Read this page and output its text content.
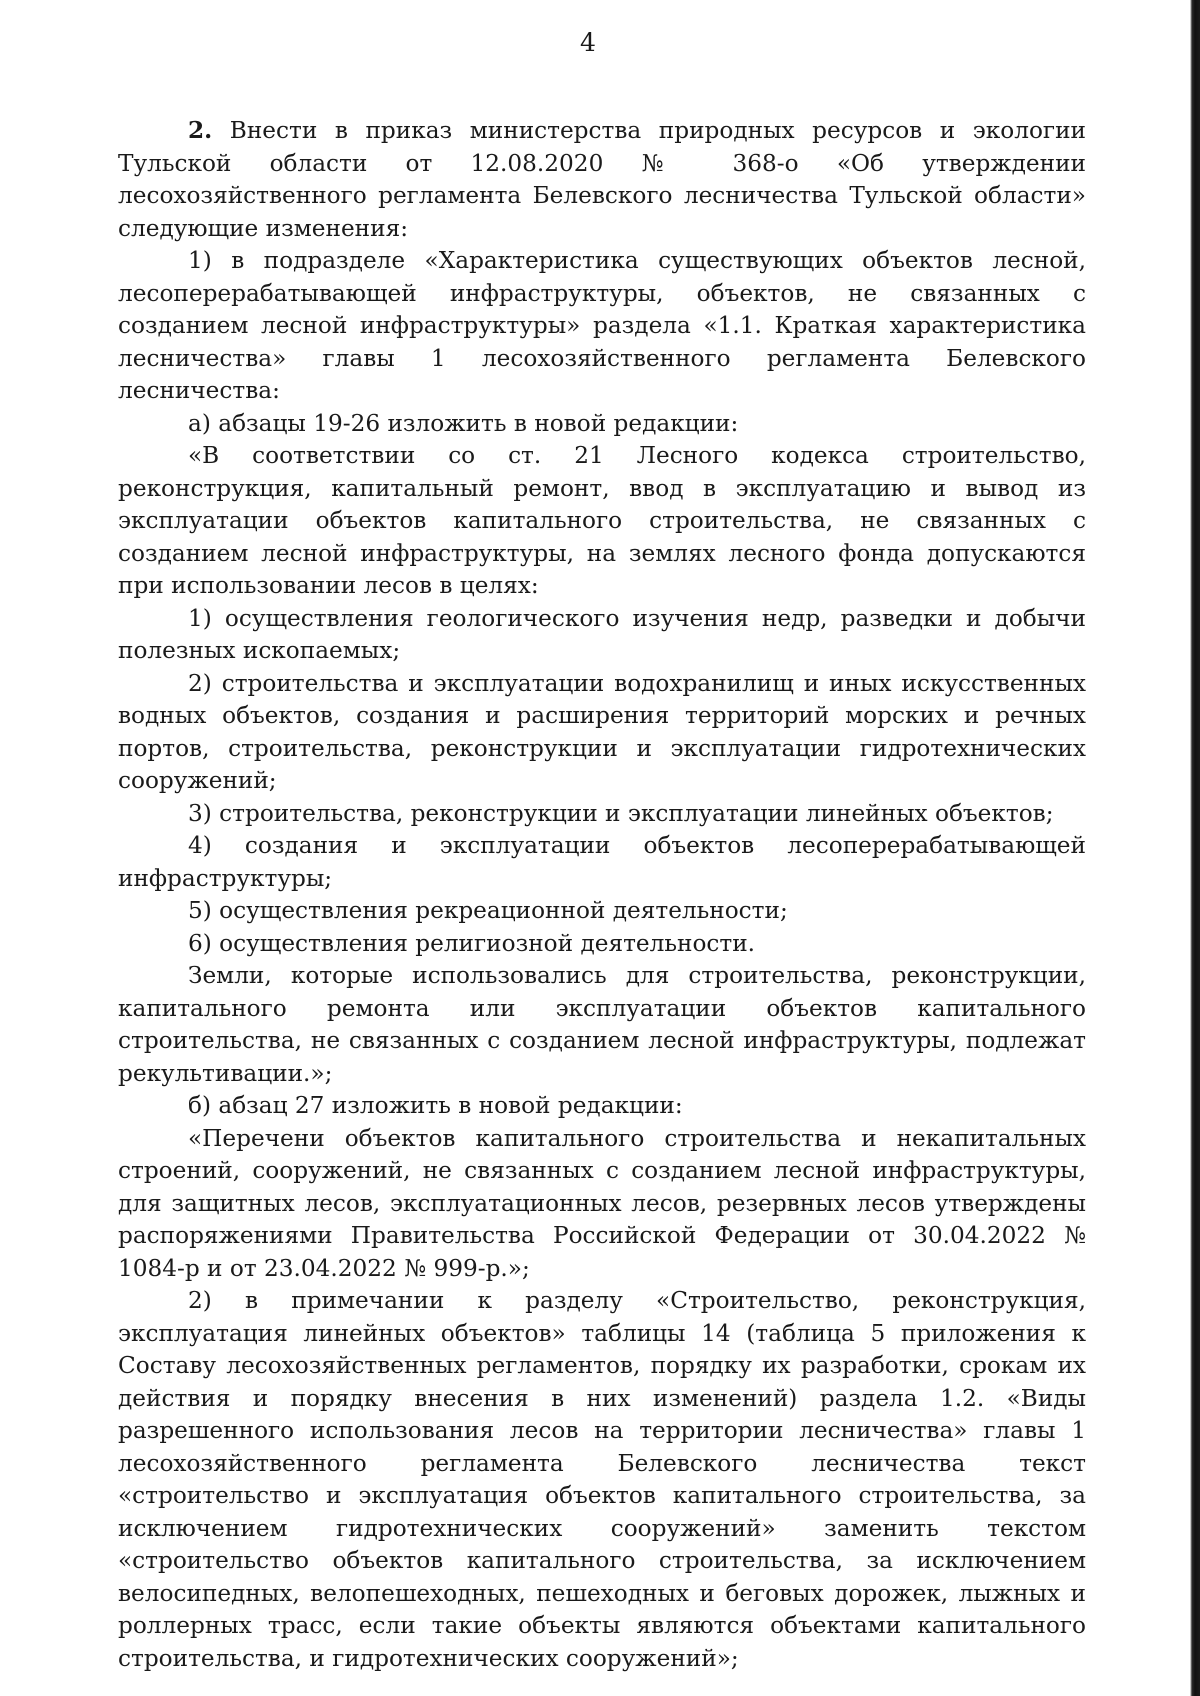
4

2. Внести в приказ министерства природных ресурсов и экологии Тульской области от 12.08.2020 № 368-о «Об утверждении лесохозяйственного регламента Белевского лесничества Тульской области» следующие изменения:

1) в подразделе «Характеристика существующих объектов лесной, лесоперерабатывающей инфраструктуры, объектов, не связанных с созданием лесной инфраструктуры» раздела «1.1. Краткая характеристика лесничества» главы 1 лесохозяйственного регламента Белевского лесничества:

а) абзацы 19-26 изложить в новой редакции:

«В соответствии со ст. 21 Лесного кодекса строительство, реконструкция, капитальный ремонт, ввод в эксплуатацию и вывод из эксплуатации объектов капитального строительства, не связанных с созданием лесной инфраструктуры, на землях лесного фонда допускаются при использовании лесов в целях:

1) осуществления геологического изучения недр, разведки и добычи полезных ископаемых;

2) строительства и эксплуатации водохранилищ и иных искусственных водных объектов, создания и расширения территорий морских и речных портов, строительства, реконструкции и эксплуатации гидротехнических сооружений;

3) строительства, реконструкции и эксплуатации линейных объектов;

4) создания и эксплуатации объектов лесоперерабатывающей инфраструктуры;

5) осуществления рекреационной деятельности;

6) осуществления религиозной деятельности.

Земли, которые использовались для строительства, реконструкции, капитального ремонта или эксплуатации объектов капитального строительства, не связанных с созданием лесной инфраструктуры, подлежат рекультивации.»;

б) абзац 27 изложить в новой редакции:

«Перечени объектов капитального строительства и некапитальных строений, сооружений, не связанных с созданием лесной инфраструктуры, для защитных лесов, эксплуатационных лесов, резервных лесов утверждены распоряжениями Правительства Российской Федерации от 30.04.2022 № 1084-р и от 23.04.2022 № 999-р.»;

2) в примечании к разделу «Строительство, реконструкция, эксплуатация линейных объектов» таблицы 14 (таблица 5 приложения к Составу лесохозяйственных регламентов, порядку их разработки, срокам их действия и порядку внесения в них изменений) раздела 1.2. «Виды разрешенного использования лесов на территории лесничества» главы 1 лесохозяйственного регламента Белевского лесничества текст «строительство и эксплуатация объектов капитального строительства, за исключением гидротехнических сооружений» заменить текстом «строительство объектов капитального строительства, за исключением велосипедных, велопешеходных, пешеходных и беговых дорожек, лыжных и роллерных трасс, если такие объекты являются объектами капитального строительства, и гидротехнических сооружений»;
